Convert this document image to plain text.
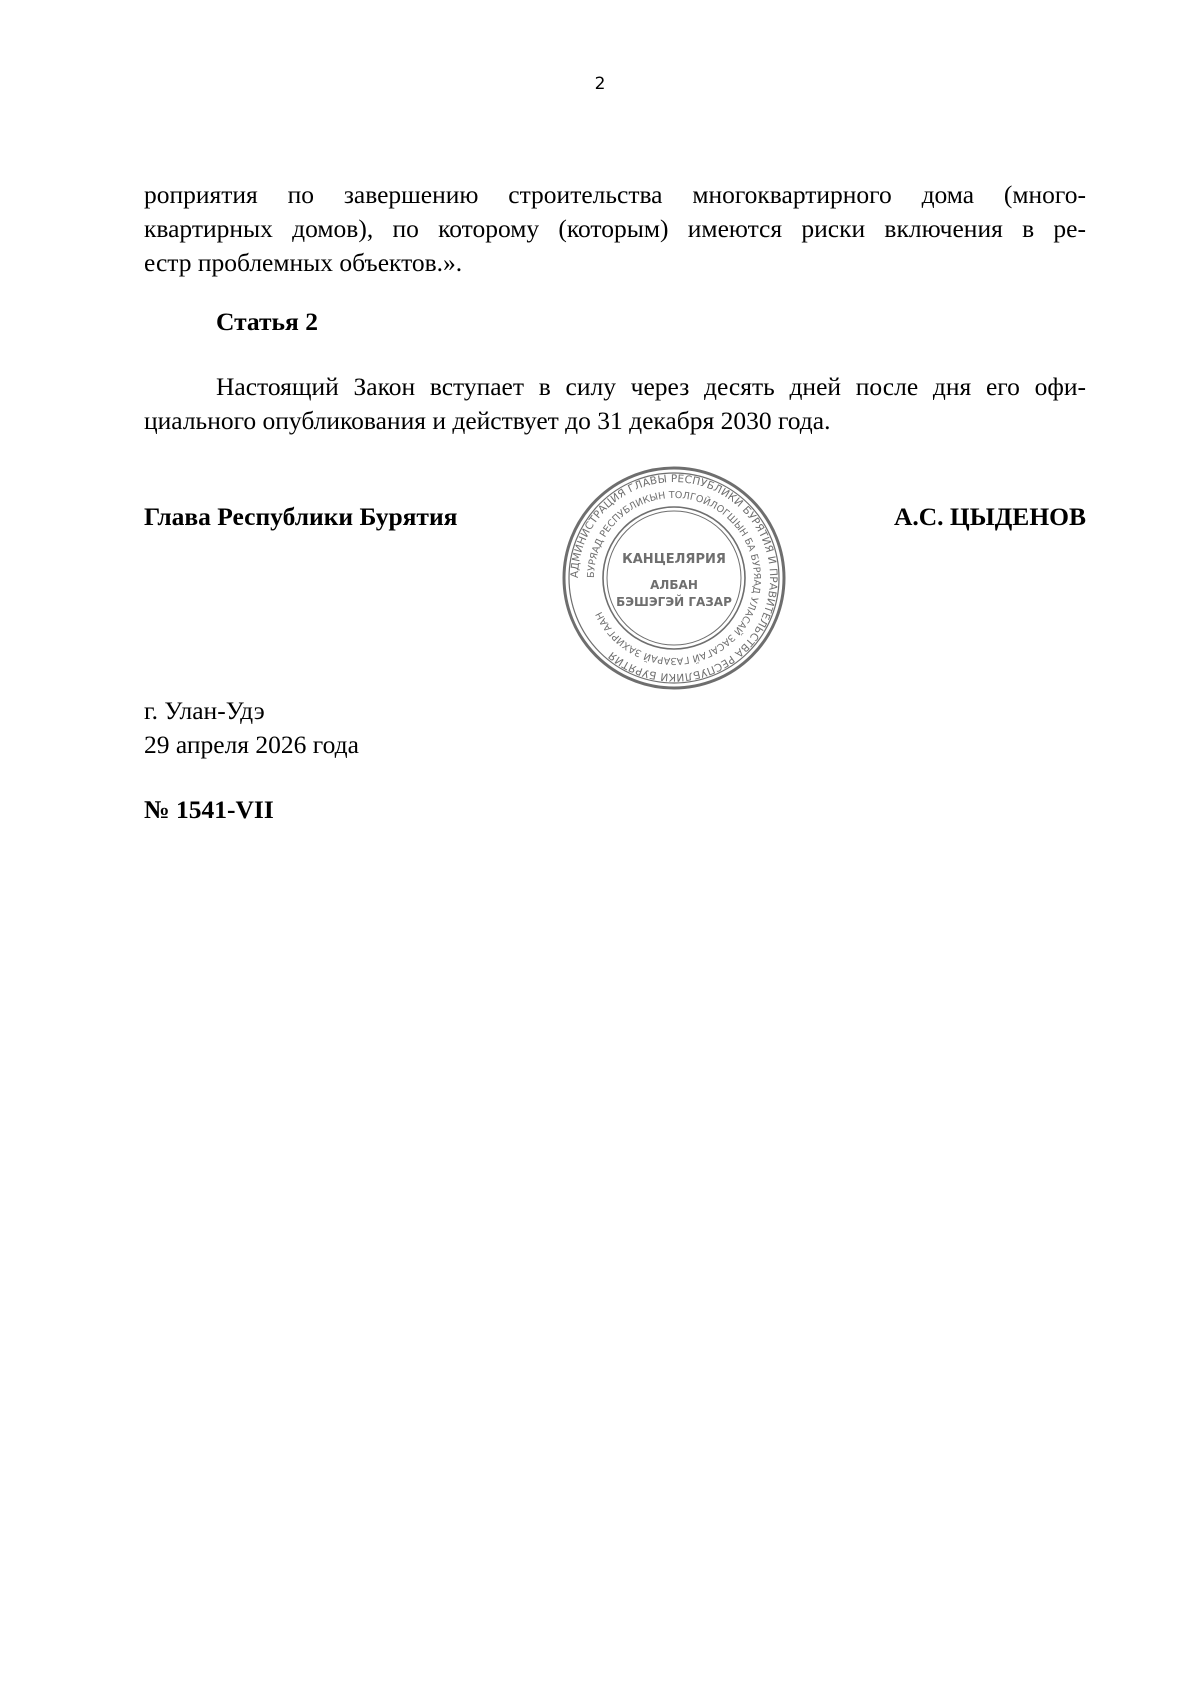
2
роприятия по завершению строительства многоквартирного дома (много-
квартирных домов), по которому (которым) имеются риски включения в ре-
естр проблемных объектов.».
Статья 2
Настоящий Закон вступает в силу через десять дней после дня его офи-
циального опубликования и действует до 31 декабря 2030 года.
Глава Республики Бурятия
АДМИНИСТРАЦИЯ ГЛАВЫ РЕСПУБЛИКИ БУРЯТИЯ И ПРАВИТЕЛЬСТВА РЕСПУБЛИКИ БУРЯТИЯ
БУРЯАД РЕСПУБЛИКЫН ТОЛГОЙЛОГШЫН БА БУРЯАД УЛАСАЙ ЗАСАГАЙ ГАЗАРАЙ ЗАХИРГААН
КАНЦЕЛЯРИЯ
АЛБАН
БЭШЭГЭЙ ГАЗАР
А.С. ЦЫДЕНОВ
г. Улан-Удэ
29 апреля 2026 года
№ 1541-VII
